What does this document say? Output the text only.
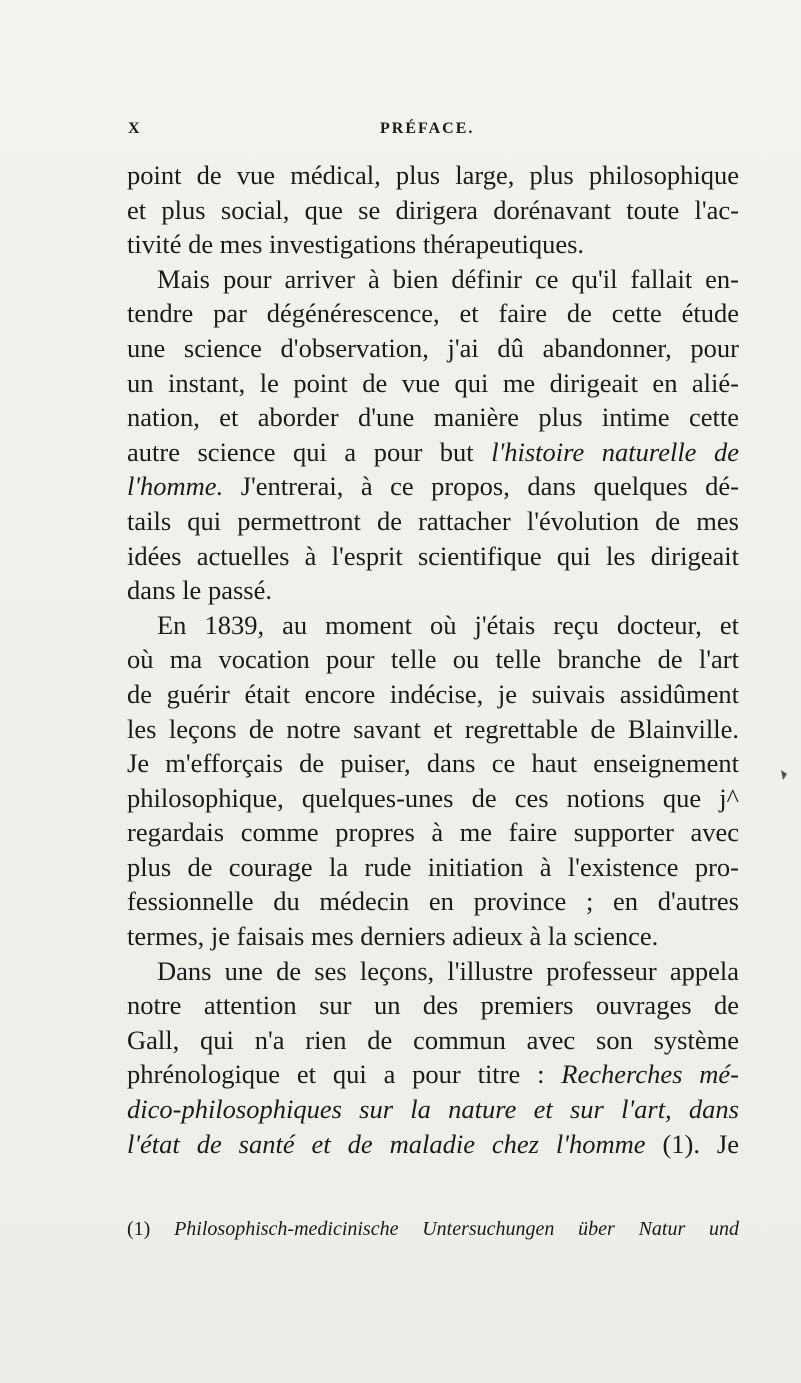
X	PRÉFACE.
point de vue médical, plus large, plus philosophique
et plus social, que se dirigera dorénavant toute l'ac-
tivité de mes investigations thérapeutiques.
Mais pour arriver à bien définir ce qu'il fallait en-
tendre par dégénérescence, et faire de cette étude
une science d'observation, j'ai dû abandonner, pour
un instant, le point de vue qui me dirigeait en alié-
nation, et aborder d'une manière plus intime cette
autre science qui a pour but l'histoire naturelle de
l'homme. J'entrerai, à ce propos, dans quelques dé-
tails qui permettront de rattacher l'évolution de mes
idées actuelles à l'esprit scientifique qui les dirigeait
dans le passé.
En 1839, au moment où j'étais reçu docteur, et
où ma vocation pour telle ou telle branche de l'art
de guérir était encore indécise, je suivais assidûment
les leçons de notre savant et regrettable de Blainville.
Je m'efforçais de puiser, dans ce haut enseignement
philosophique, quelques-unes de ces notions que j^
regardais comme propres à me faire supporter avec
plus de courage la rude initiation à l'existence pro-
fessionnelle du médecin en province ; en d'autres
termes, je faisais mes derniers adieux à la science.
Dans une de ses leçons, l'illustre professeur appela
notre attention sur un des premiers ouvrages de
Gall, qui n'a rien de commun avec son système
phrénologique et qui a pour titre : Recherches mé-
dico-philosophiques sur la nature et sur l'art, dans
l'état de santé et de maladie chez l'homme (1). Je
(1) Philosophisch-medicinische Untersuchungen über Natur und
